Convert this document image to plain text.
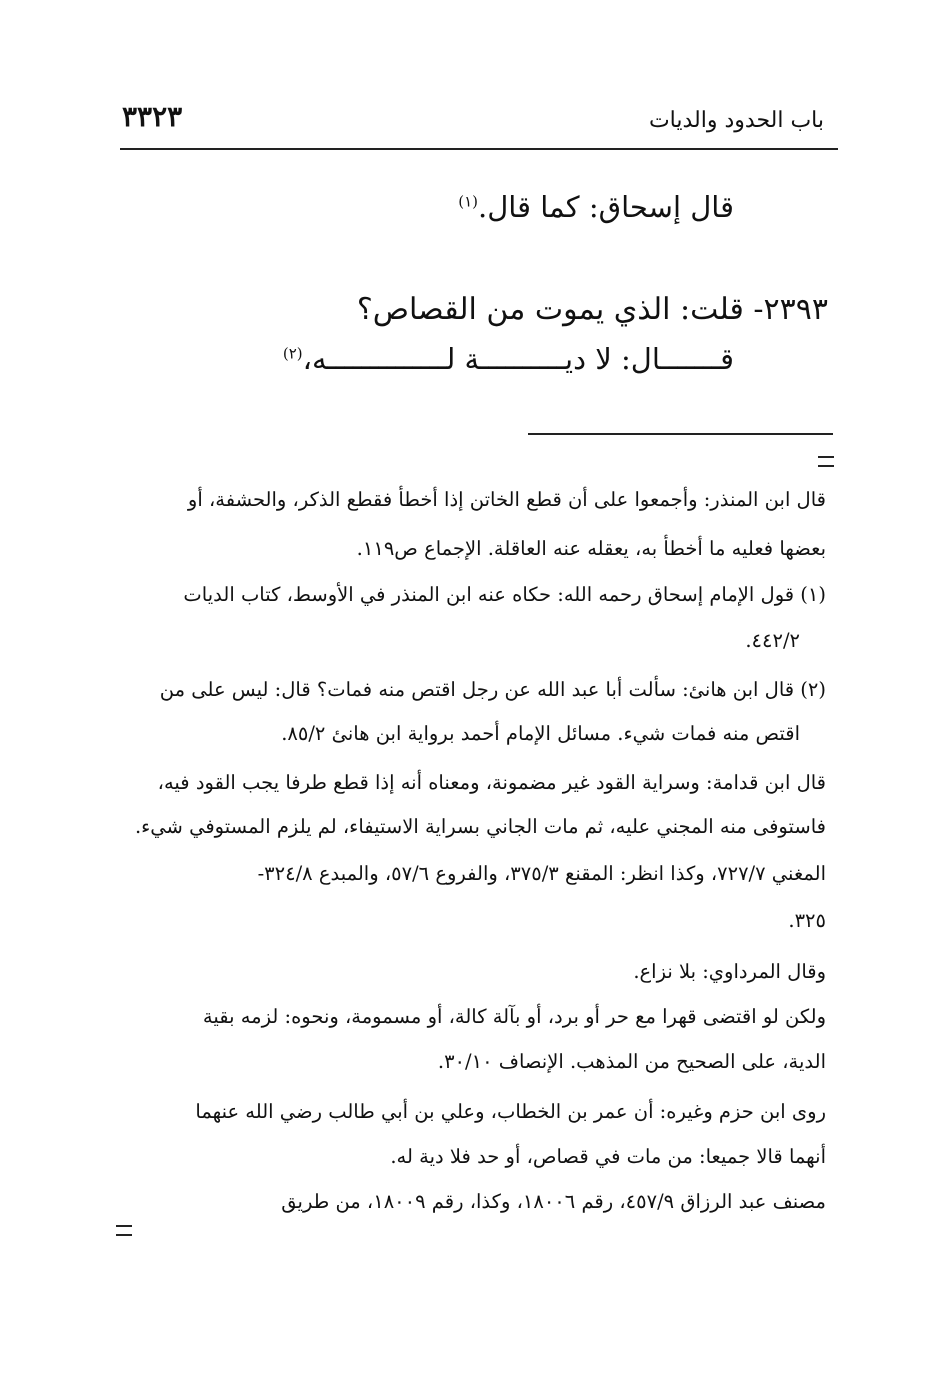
٣٣٢٣	باب الحدود والديات
قال إسحاق: كما قال.$^{(١)}$
٢٣٩٣- قلت: الذي يموت من القصاص؟
قـــــــال: لا ديــــــــــة لــــــــــــــه،$^{(٢)}$
قال ابن المنذر: وأجمعوا على أن قطع الخاتن إذا أخطأ فقطع الذكر، والحشفة، أو
بعضها فعليه ما أخطأ به، يعقله عنه العاقلة. الإجماع ص١١٩.
(١) قول الإمام إسحاق رحمه الله: حكاه عنه ابن المنذر في الأوسط، كتاب الديات
٤٤٢/٢.
(٢) قال ابن هانئ: سألت أبا عبد الله عن رجل اقتص منه فمات؟ قال: ليس على من
اقتص منه فمات شيء. مسائل الإمام أحمد برواية ابن هانئ ٨٥/٢.
قال ابن قدامة: وسراية القود غير مضمونة، ومعناه أنه إذا قطع طرفا يجب القود فيه،
فاستوفى منه المجني عليه، ثم مات الجاني بسراية الاستيفاء، لم يلزم المستوفي شيء.
المغني ٧٢٧/٧، وكذا انظر: المقنع ٣٧٥/٣، والفروع ٥٧/٦، والمبدع ٣٢٤/٨-
٣٢٥.
وقال المرداوي: بلا نزاع.
ولكن لو اقتضى قهرا مع حر أو برد، أو بآلة كالة، أو مسمومة، ونحوه: لزمه بقية
الدية، على الصحيح من المذهب. الإنصاف ٣٠/١٠.
روى ابن حزم وغيره: أن عمر بن الخطاب، وعلي بن أبي طالب رضي الله عنهما
أنهما قالا جميعا: من مات في قصاص، أو حد فلا دية له.
مصنف عبد الرزاق ٤٥٧/٩، رقم ١٨٠٠٦، وكذا، رقم ١٨٠٠٩، من طريق
